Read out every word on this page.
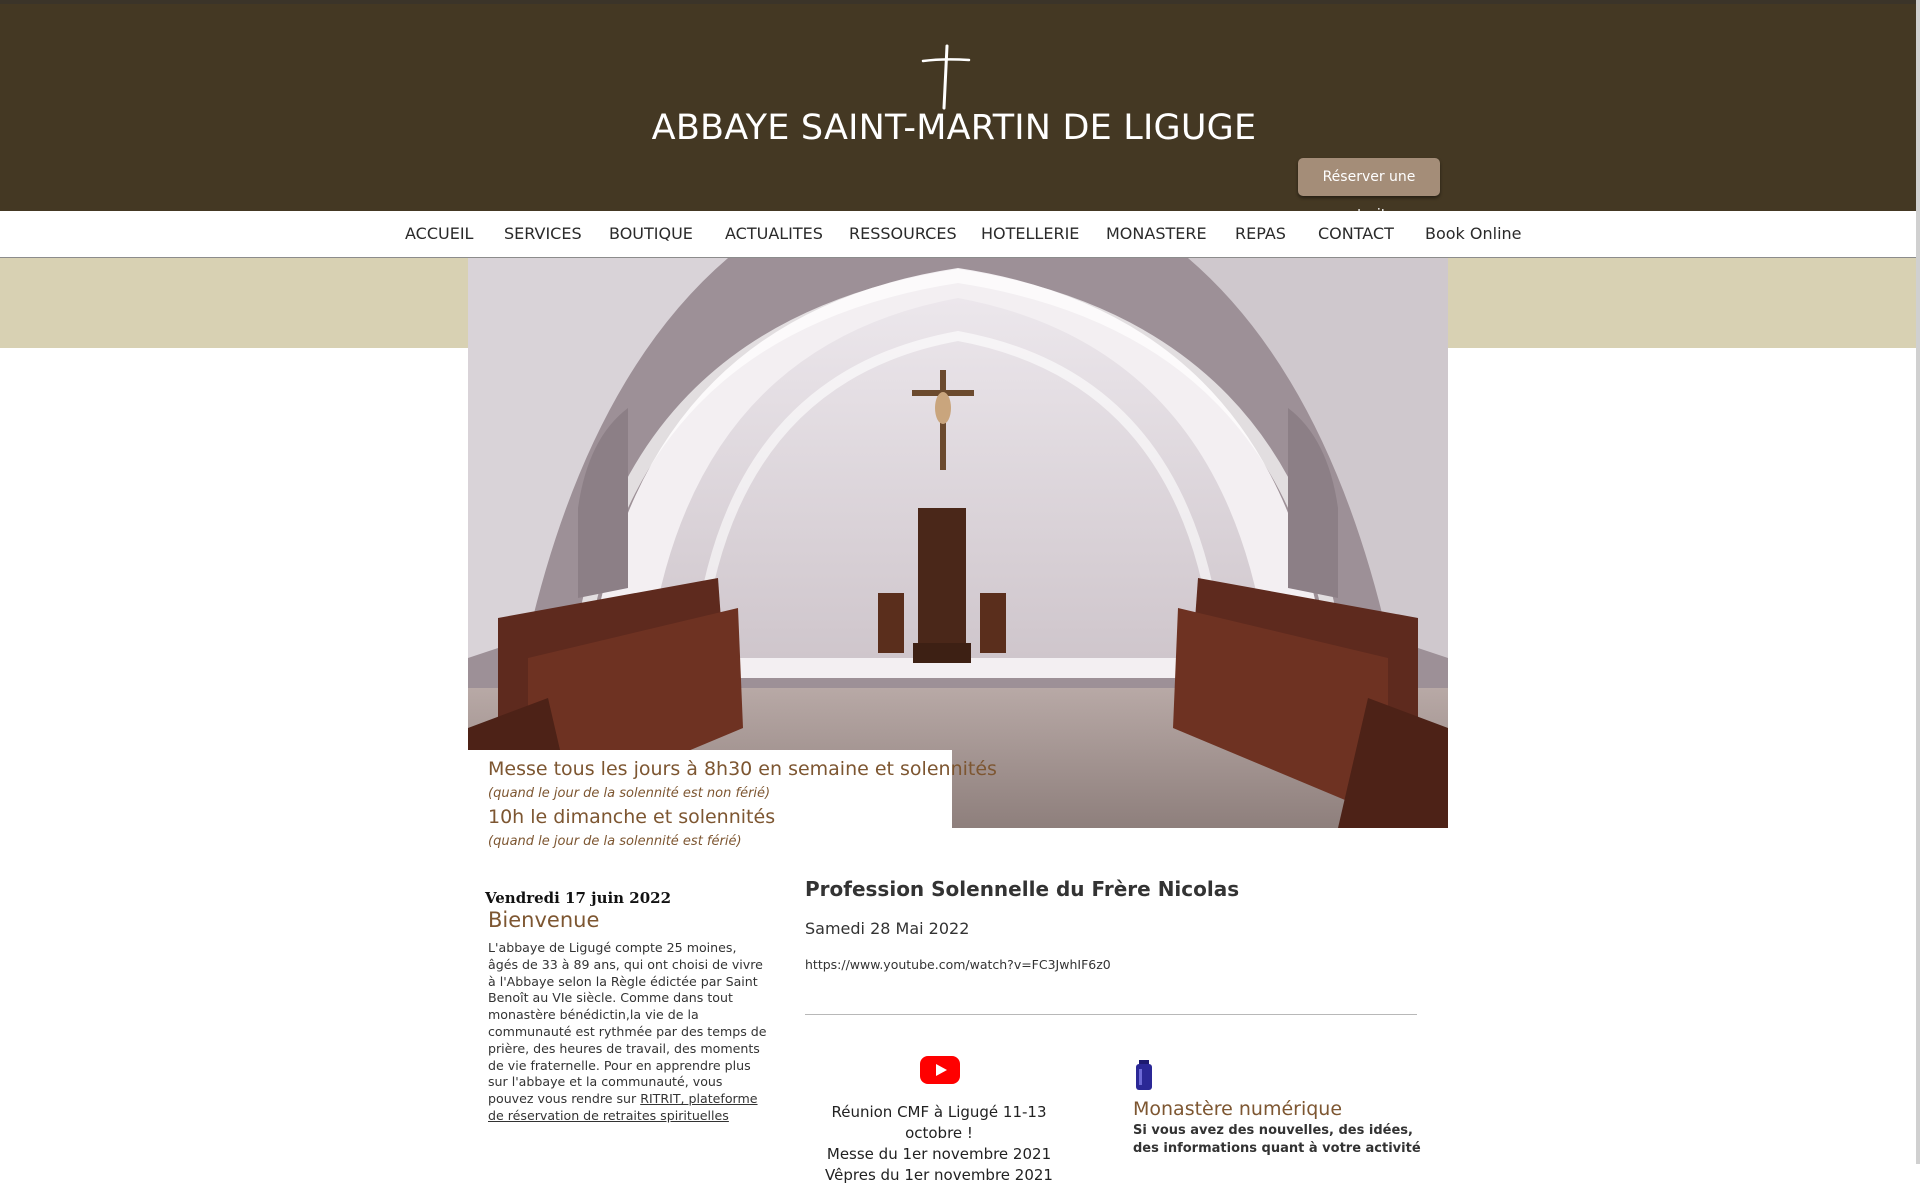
ABBAYE SAINT-MARTIN DE LIGUGE
Réserver une
ACCUEIL SERVICES BOUTIQUE ACTUALITES RESSOURCES HOTELLERIE MONASTERE REPAS CONTACT Book Online
Messe tous les jours à 8h30 en semaine et solennités
(quand le jour de la solennité est non férié)
10h le dimanche et solennités
(quand le jour de la solennité est férié)
Vendredi 17 juin 2022
Bienvenue
L'abbaye de Ligugé compte 25 moines, âgés de 33 à 89 ans, qui ont choisi de vivre à l'Abbaye selon la Règle édictée par Saint Benoît au VIe siècle. Comme dans tout monastère bénédictin,la vie de la communauté est rythmée par des temps de prière, des heures de travail, des moments de vie fraternelle. Pour en apprendre plus sur l'abbaye et la communauté, vous pouvez vous rendre sur RITRIT, plateforme de réservation de retraites spirituelles
Profession Solennelle du Frère Nicolas
Samedi 28 Mai 2022
https://www.youtube.com/watch?v=FC3JwhIF6z0
Réunion CMF à Ligugé 11-13 octobre !
Messe du 1er novembre 2021
Vêpres du 1er novembre 2021
Monastère numérique
Si vous avez des nouvelles, des idées, des informations quant à votre activité
